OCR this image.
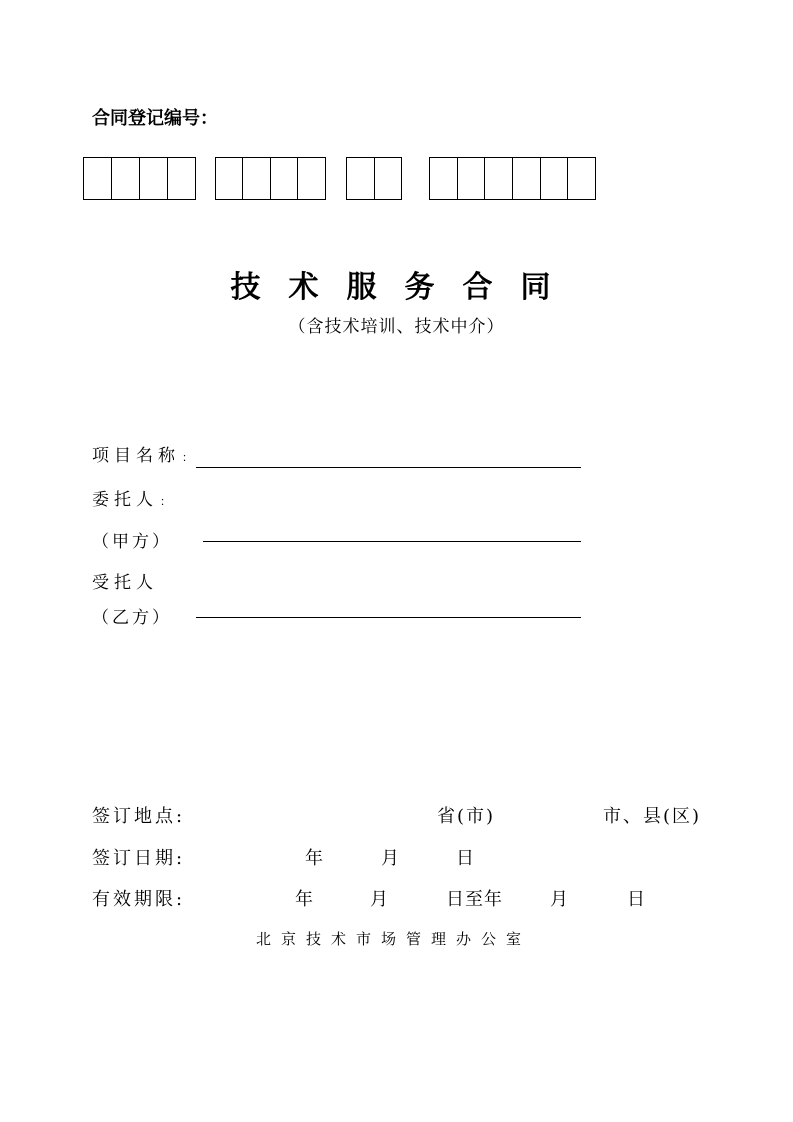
合同登记编号：
技术服务合同
（含技术培训、技术中介）
项目名称 ：
委托人 ：
（甲方）
受托人
（乙方）
签订地点:	省(市)	市、县(区)
签订日期:	年	月	日
有效期限:	年	月	日至年	月	日
北京技术市场管理办公室
